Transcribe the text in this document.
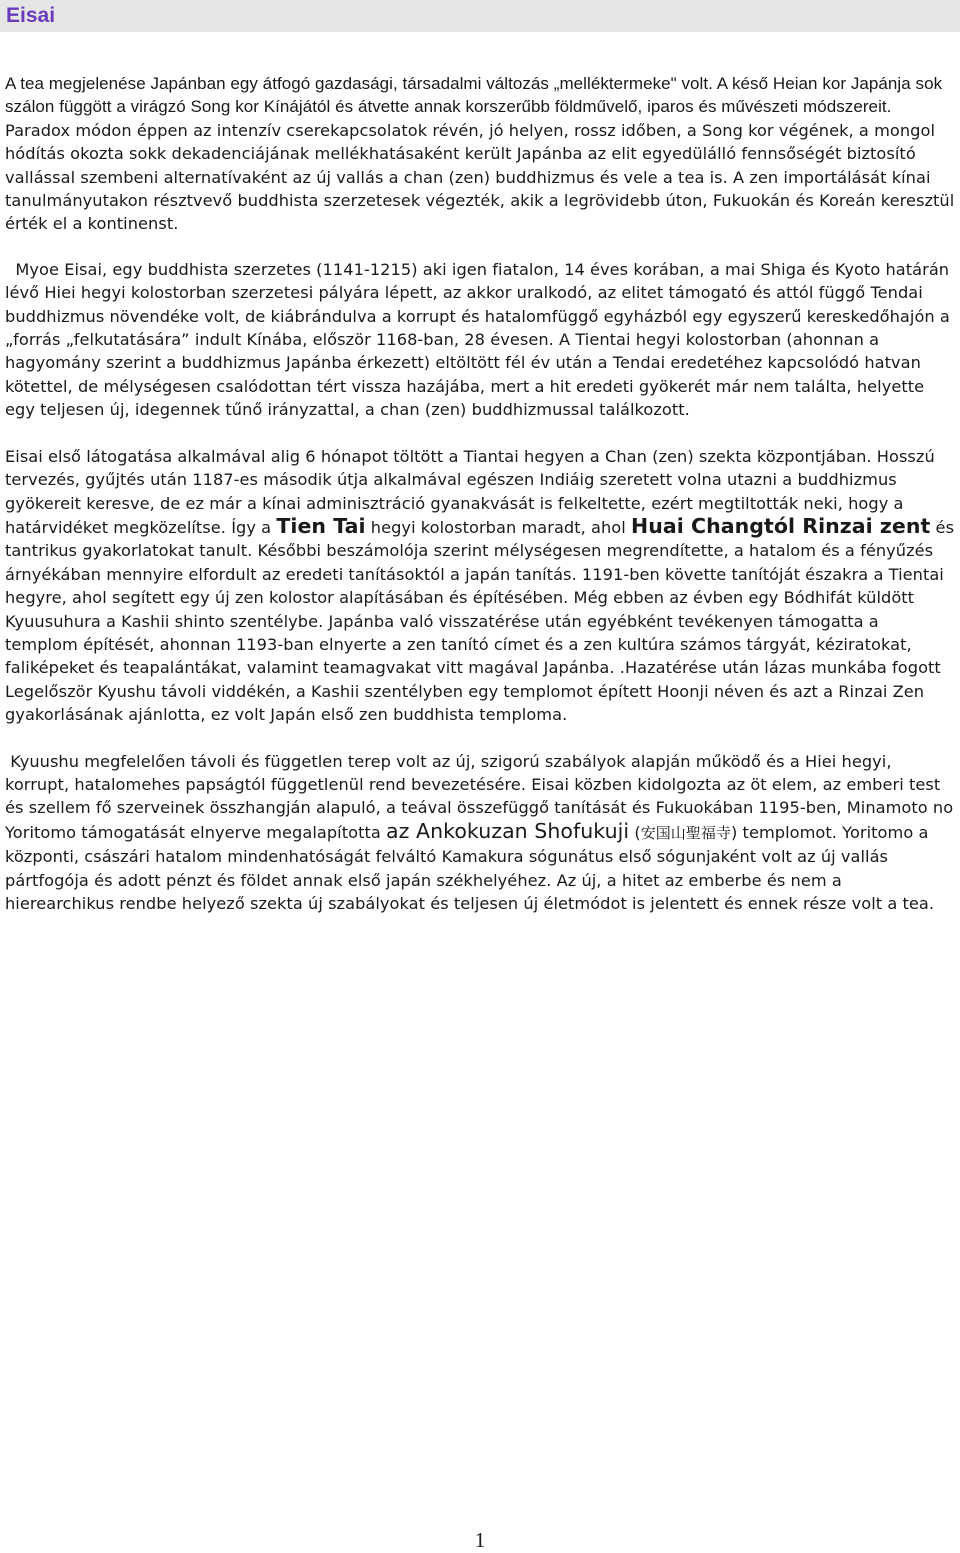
Eisai

A tea megjelenése Japánban egy átfogó gazdasági, társadalmi változás „melléktermeke" volt. A késő Heian kor Japánja sok szálon függött a virágzó Song kor Kínájától és átvette annak korszerűbb földművelő, iparos és művészeti módszereit. Paradox módon éppen az intenzív cserekapcsolatok révén, jó helyen, rossz időben, a Song kor végének, a mongol hódítás okozta sokk dekadenciájának mellékhatásaként került Japánba az elit egyedülálló fennsőségét biztosító vallással szembeni alternatívaként az új vallás a chan (zen) buddhizmus és vele a tea is. A zen importálását kínai tanulmányutakon résztvevő buddhista szerzetesek végezték, akik a legrövidebb úton, Fukuokán és Koreán keresztül érték el a kontinenst.

Myoe Eisai, egy buddhista szerzetes (1141-1215) aki igen fiatalon, 14 éves korában, a mai Shiga és Kyoto határán lévő Hiei hegyi kolostorban szerzetesi pályára lépett, az akkor uralkodó, az elitet támogató és attól függő Tendai buddhizmus növendéke volt, de kiábrándulva a korrupt és hatalomfüggő egyházból egy egyszerű kereskedőhajón a „forrás „felkutatására” indult Kínába, először 1168-ban, 28 évesen. A Tientai hegyi kolostorban (ahonnan a hagyomány szerint a buddhizmus Japánba érkezett) eltöltött fél év után a Tendai eredetéhez kapcsolódó hatvan kötettel, de mélységesen csalódottan tért vissza hazájába, mert a hit eredeti gyökerét már nem találta, helyette egy teljesen új, idegennek tűnő irányzattal, a chan (zen) buddhizmussal találkozott.

Eisai első látogatása alkalmával alig 6 hónapot töltött a Tiantai hegyen a Chan (zen) szekta központjában. Hosszú tervezés, gyűjtés után 1187-es második útja alkalmával egészen Indiáig szeretett volna utazni a buddhizmus gyökereit keresve, de ez már a kínai adminisztráció gyanakvását is felkeltette, ezért megtiltották neki, hogy a határvidéket megközelítse. Így a Tien Tai hegyi kolostorban maradt, ahol Huai Changtól Rinzai zent és tantrikus gyakorlatokat tanult. Későbbi beszámolója szerint mélységesen megrendítette, a hatalom és a fényűzés árnyékában mennyire elfordult az eredeti tanításoktól a japán tanítás. 1191-ben követte tanítóját északra a Tientai hegyre, ahol segített egy új zen kolostor alapításában és építésében. Még ebben az évben egy Bódhifát küldött Kyuusuhura a Kashii shinto szentélybe. Japánba való visszatérése után egyébként tevékenyen támogatta a templom építését, ahonnan 1193-ban elnyerte a zen tanító címet és a zen kultúra számos tárgyát, kéziratokat, faliképeket és teapalántákat, valamint teamagvakat vitt magával Japánba. .Hazatérése után lázas munkába fogott Legelőször Kyushu távoli viddékén, a Kashii szentélyben egy templomot épített Hoonji néven és azt a Rinzai Zen gyakorlásának ajánlotta, ez volt Japán első zen buddhista temploma.

Kyuushu megfelelően távoli és független terep volt az új, szigorú szabályok alapján működő és a Hiei hegyi, korrupt, hatalomehes papságtól függetlenül rend bevezetésére. Eisai közben kidolgozta az öt elem, az emberi test és szellem fő szerveinek összhangján alapuló, a teával összefüggő tanítását és Fukuokában 1195-ben, Minamoto no Yoritomo támogatását elnyerve megalapította az Ankokuzan Shofukuji (安国山聖福寺) templomot. Yoritomo a központi, császári hatalom mindenhatóságát felváltó Kamakura sógunátus első sógunjaként volt az új vallás pártfogója és adott pénzt és földet annak első japán székhelyéhez. Az új, a hitet az emberbe és nem a hierearchikus rendbe helyező szekta új szabályokat és teljesen új életmódot is jelentett és ennek része volt a tea.

1
